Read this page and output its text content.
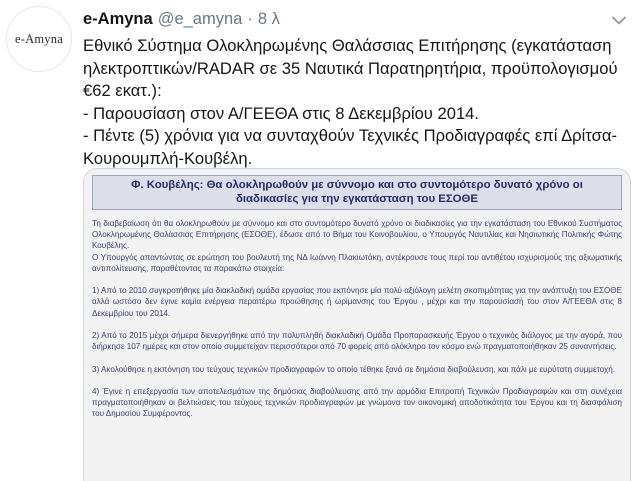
e-Amyna
e-Amyna @e_amyna · 8 λ
Εθνικό Σύστημα Ολοκληρωμένης Θαλάσσιας Επιτήρησης (εγκατάσταση ηλεκτροπτικών/RADAR σε 35 Ναυτικά Παρατηρητήρια, προϋπολογισμού €62 εκατ.):
- Παρουσίαση στον Α/ΓΕΕΘΑ στις 8 Δεκεμβρίου 2014.
- Πέντε (5) χρόνια για να συνταχθούν Τεχνικές Προδιαγραφές επί Δρίτσα-Κουρουμπλή-Κουβέλη.
Φ. Κουβέλης: Θα ολοκληρωθούν με σύννομο και στο συντομότερο δυνατό χρόνο οι διαδικασίες για την εγκατάσταση του ΕΣΟΘΕ

Τη διαβεβαίωση ότι θα ολοκληρωθούν με σύννομο και στο συντομότερο δυνατό χρόνο οι διαδικασίες για την εγκατάσταση του Εθνικού Συστήματος Ολοκληρωμένης Θαλάσσιας Επιτήρησης (ΕΣΟΘΕ), έδωσε από το Βήμα του Κοινοβουλίου, ο Υπουργός Ναυτιλίας και Νησιωτικής Πολιτικής Φώτης Κουβέλης.

Ο Υπουργός απαντώντας σε ερώτηση του βουλευτή της ΝΔ Ιωάννη Πλακιωτάκη, αντέκρουσε τους περί του αντιθέτου ισχυρισμούς της αξιωματικής αντιπολίτευσης, παραθέτοντας τα παρακάτω στοιχεία:

1) Από το 2010 συγκροτήθηκε μία διακλαδική ομάδα εργασίας που εκπόνησε μία πολύ αξιόλογη μελέτη σκοπιμότητας για την ανάπτυξη του ΕΣΟΘΕ αλλά ωστόσο δεν έγινε καμία ενέργεια περαιτέρω προώθησης ή ωρίμανσης του Έργου , μέχρι και την παρουσίασή του στον Α/ΓΕΕΘΑ στις 8 Δεκεμβρίου του 2014.

2) Από το 2015 μέχρι σήμερα διενεργήθηκε από την πολυπληθή διακλαδική Ομάδα Προπαρασκευής Έργου ο τεχνικός διάλογος με την αγορά, που διήρκησε 107 ημέρες και στον οποίο συμμετείχαν περισσότεροι από 70 φορείς από ολόκληρο τον κόσμο ενώ πραγματοποιήθηκαν 25 συναντήσεις.

3) Ακολούθησε η εκπόνηση του τεύχους τεχνικών προδιαγραφών το οποίο τέθηκε ξανά σε δημόσια διαβούλευση, και πάλι με ευρύτατη συμμετοχή.

4) Έγινε η επεξεργασία των αποτελεσμάτων της δημόσιας διαβούλευσης από την αρμόδια Επιτροπή Τεχνικών Προδιαγραφών και στη συνέχεια πραγματοποιήθηκαν οι βελτιώσεις του τεύχους τεχνικών προδιαγραφών με γνώμονα τον οικονομική αποδοτικότητα του Έργου και τη διασφάλιση του Δημοσίου Συμφέροντος.
